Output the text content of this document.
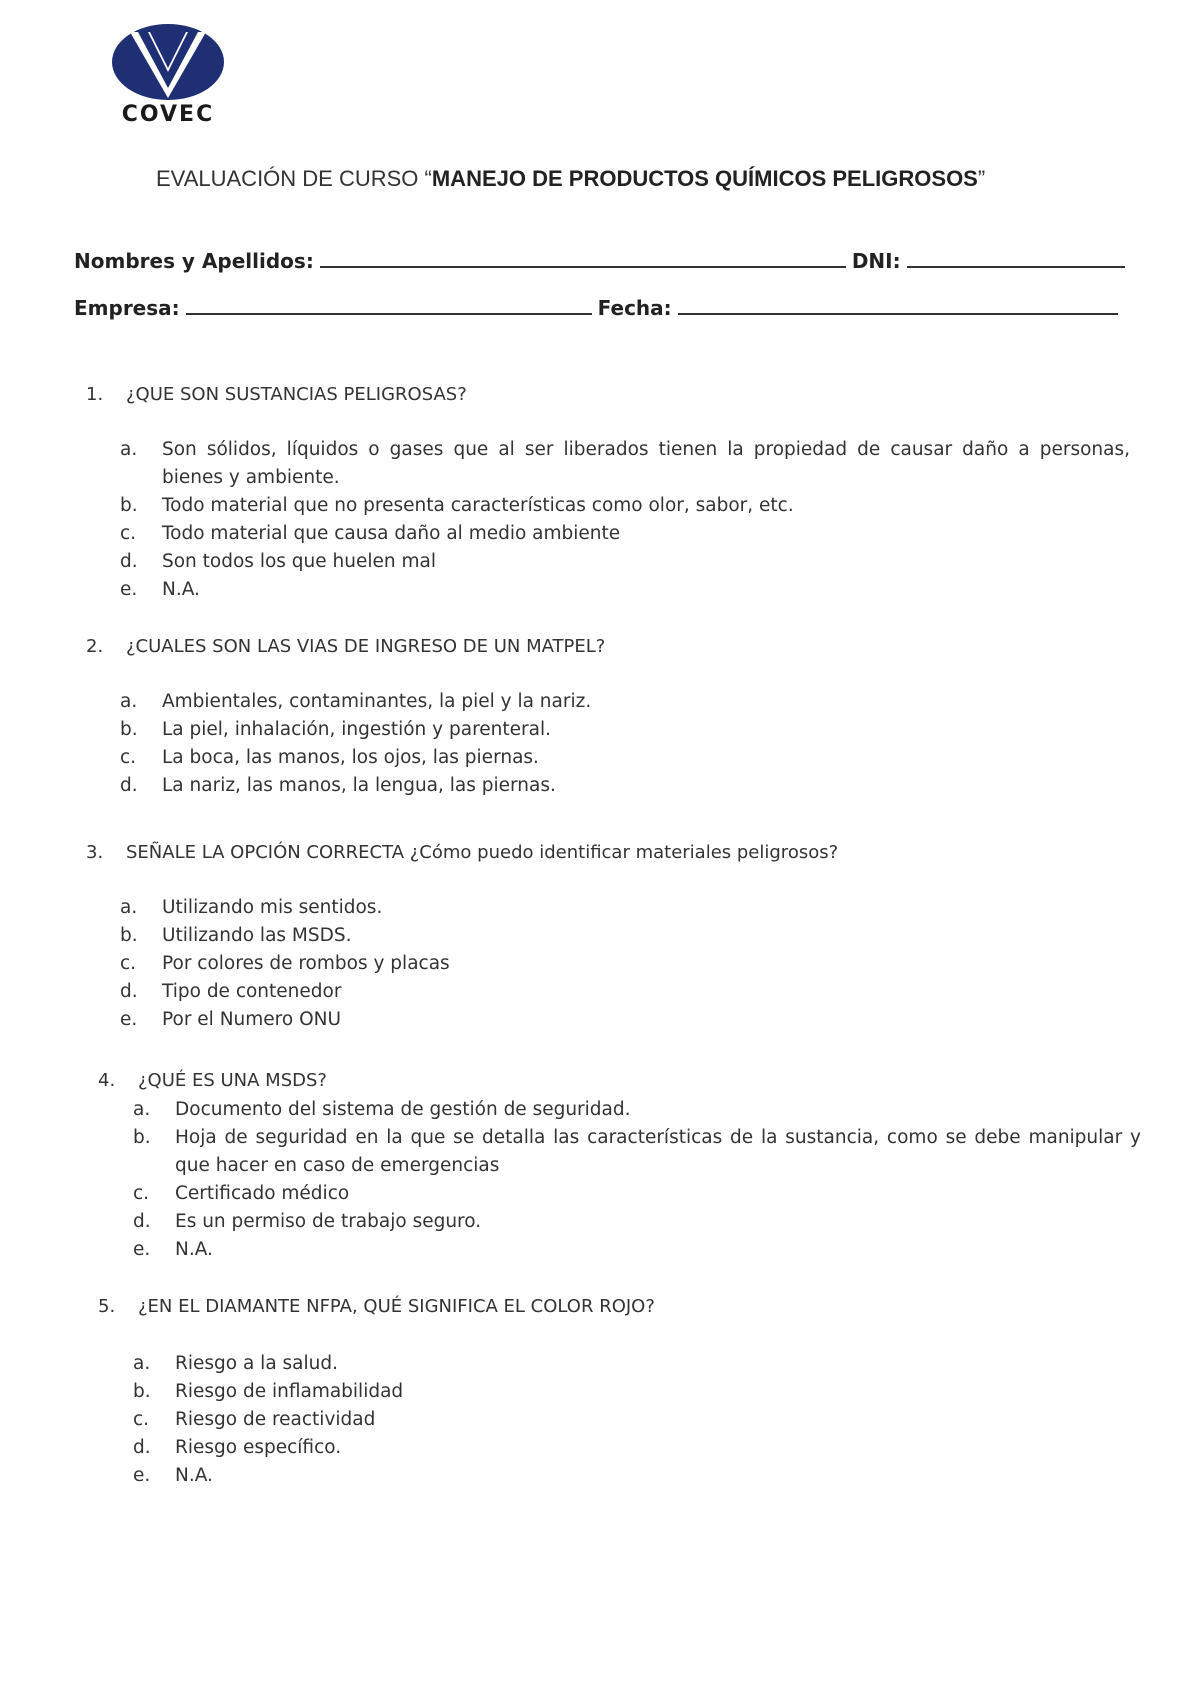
COVEC
EVALUACIÓN DE CURSO “MANEJO DE PRODUCTOS QUÍMICOS PELIGROSOS”
Nombres y Apellidos:	DNI:
Empresa:	Fecha:
1. ¿QUE SON SUSTANCIAS PELIGROSAS?
a.	Son sólidos, líquidos o gases que al ser liberados tienen la propiedad de causar daño a personas, bienes y ambiente.
b.	Todo material que no presenta características como olor, sabor, etc.
c.	Todo material que causa daño al medio ambiente
d.	Son todos los que huelen mal
e.	N.A.
2. ¿CUALES SON LAS VIAS DE INGRESO DE UN MATPEL?
a.	Ambientales, contaminantes, la piel y la nariz.
b.	La piel, inhalación, ingestión y parenteral.
c.	La boca, las manos, los ojos, las piernas.
d.	La nariz, las manos, la lengua, las piernas.
3. SEÑALE LA OPCIÓN CORRECTA ¿Cómo puedo identificar materiales peligrosos?
a.	Utilizando mis sentidos.
b.	Utilizando las MSDS.
c.	Por colores de rombos y placas
d.	Tipo de contenedor
e.	Por el Numero ONU
4. ¿QUÉ ES UNA MSDS?
a.	Documento del sistema de gestión de seguridad.
b.	Hoja de seguridad en la que se detalla las características de la sustancia, como se debe manipular y que hacer en caso de emergencias
c.	Certificado médico
d.	Es un permiso de trabajo seguro.
e.	N.A.
5. ¿EN EL DIAMANTE NFPA, QUÉ SIGNIFICA EL COLOR ROJO?
a.	Riesgo a la salud.
b.	Riesgo de inflamabilidad
c.	Riesgo de reactividad
d.	Riesgo específico.
e.	N.A.
